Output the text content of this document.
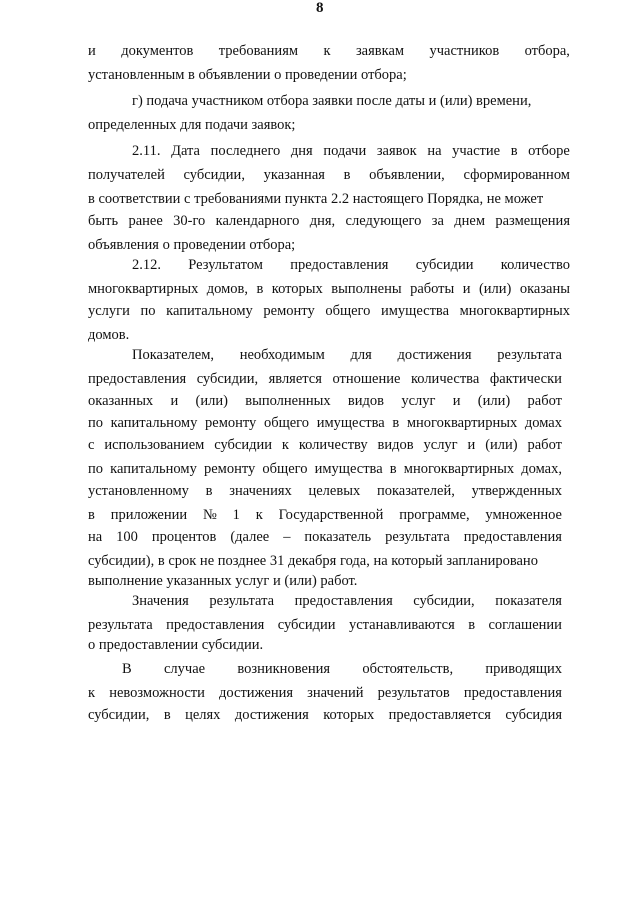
8
и документов требованиям к заявкам участников отбора,
установленным в объявлении о проведении отбора;
г) подача участником отбора заявки после даты и (или) времени,
определенных для подачи заявок;
2.11. Дата последнего дня подачи заявок на участие в отборе
получателей субсидии, указанная в объявлении, сформированном
в соответствии с требованиями пункта 2.2 настоящего Порядка, не может
быть ранее 30-го календарного дня, следующего за днем размещения
объявления о проведении отбора;
2.12. Результатом предоставления субсидии количество
многоквартирных домов, в которых выполнены работы и (или) оказаны
услуги по капитальному ремонту общего имущества многоквартирных
домов.
Показателем, необходимым для достижения результата
предоставления субсидии, является отношение количества фактически
оказанных и (или) выполненных видов услуг и (или) работ
по капитальному ремонту общего имущества в многоквартирных домах
с использованием субсидии к количеству видов услуг и (или) работ
по капитальному ремонту общего имущества в многоквартирных домах,
установленному в значениях целевых показателей, утвержденных
в приложении № 1 к Государственной программе, умноженное
на 100 процентов (далее – показатель результата предоставления
субсидии), в срок не позднее 31 декабря года, на который запланировано
выполнение указанных услуг и (или) работ.
Значения результата предоставления субсидии, показателя
результата предоставления субсидии устанавливаются в соглашении
о предоставлении субсидии.
В случае возникновения обстоятельств, приводящих
к невозможности достижения значений результатов предоставления
субсидии, в целях достижения которых предоставляется субсидия
